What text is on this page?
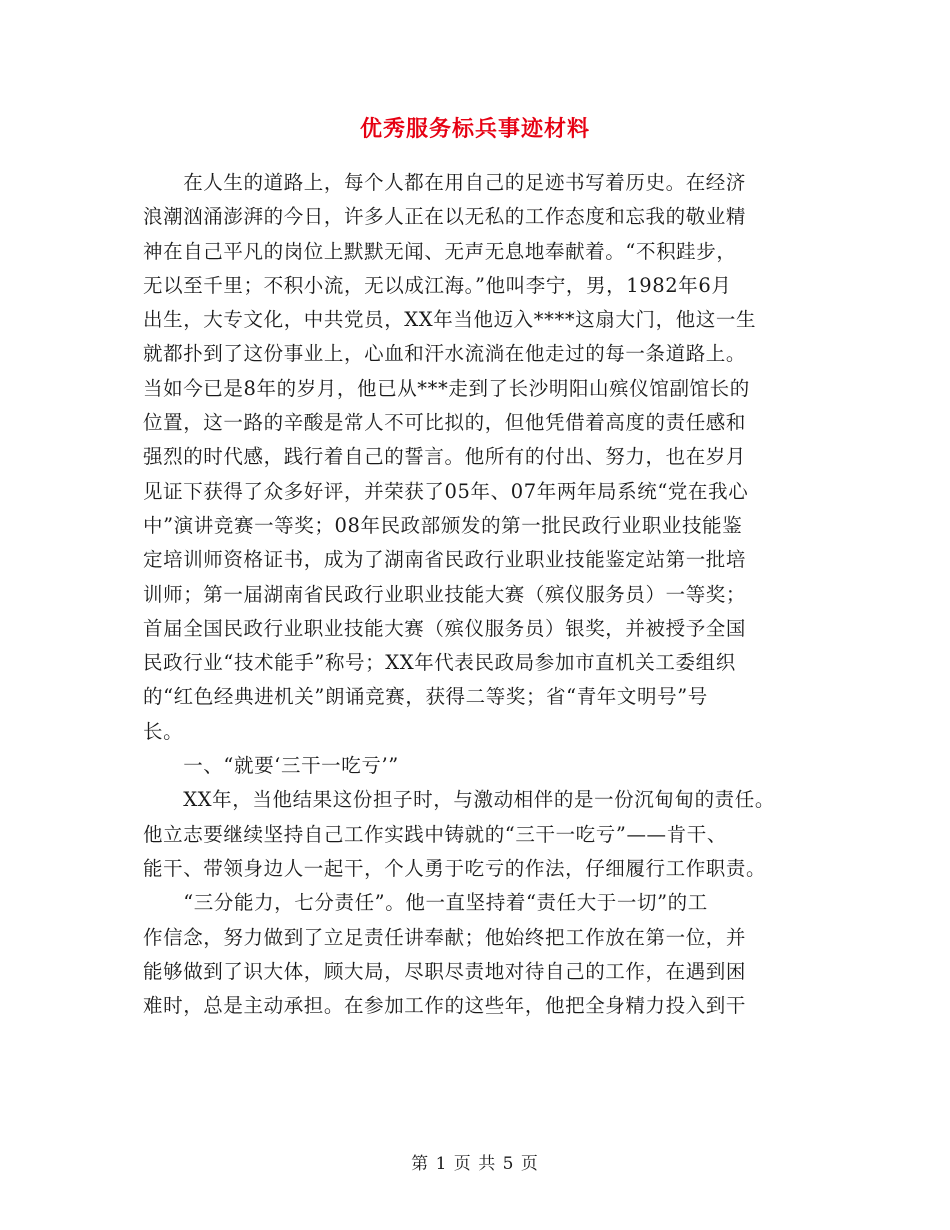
优秀服务标兵事迹材料
　　在人生的道路上，每个人都在用自己的足迹书写着历史。在经济
浪潮汹涌澎湃的今日，许多人正在以无私的工作态度和忘我的敬业精
神在自己平凡的岗位上默默无闻、无声无息地奉献着。“不积跬步，
无以至千里；不积小流，无以成江海。”他叫李宁，男，1982年6月
出生，大专文化，中共党员，XX年当他迈入****这扇大门，他这一生
就都扑到了这份事业上，心血和汗水流淌在他走过的每一条道路上。
当如今已是8年的岁月，他已从***走到了长沙明阳山殡仪馆副馆长的
位置，这一路的辛酸是常人不可比拟的，但他凭借着高度的责任感和
强烈的时代感，践行着自己的誓言。他所有的付出、努力，也在岁月
见证下获得了众多好评，并荣获了05年、07年两年局系统“党在我心
中”演讲竞赛一等奖；08年民政部颁发的第一批民政行业职业技能鉴
定培训师资格证书，成为了湖南省民政行业职业技能鉴定站第一批培
训师；第一届湖南省民政行业职业技能大赛（殡仪服务员）一等奖；
首届全国民政行业职业技能大赛（殡仪服务员）银奖，并被授予全国
民政行业“技术能手”称号；XX年代表民政局参加市直机关工委组织
的“红色经典进机关”朗诵竞赛，获得二等奖；省“青年文明号”号
长。
　　一、“就要‘三干一吃亏’”
　　XX年，当他结果这份担子时，与激动相伴的是一份沉甸甸的责任。
他立志要继续坚持自己工作实践中铸就的“三干一吃亏”——肯干、
能干、带领身边人一起干，个人勇于吃亏的作法，仔细履行工作职责。
　　“三分能力，七分责任”。他一直坚持着“责任大于一切”的工
作信念，努力做到了立足责任讲奉献；他始终把工作放在第一位，并
能够做到了识大体，顾大局，尽职尽责地对待自己的工作，在遇到困
难时，总是主动承担。在参加工作的这些年，他把全身精力投入到干
第 1 页 共 5 页
